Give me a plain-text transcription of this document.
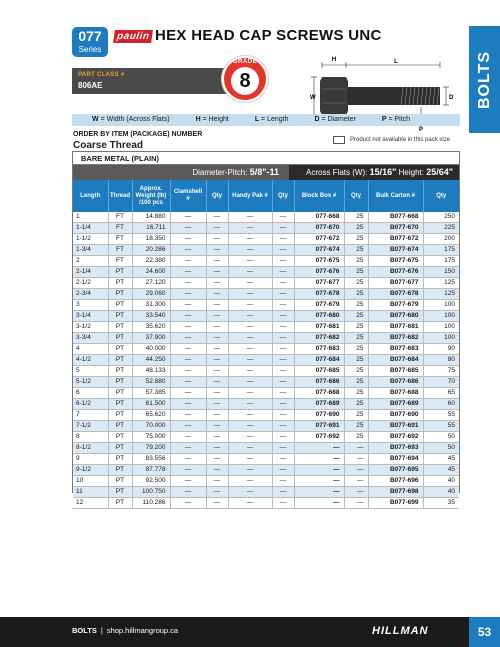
077
Series
paulin HEX HEAD CAP SCREWS UNC
PART CLASS #
806AE
GRADE
8	BOLTS
H	L
W	D
P
W = Width (Across Flats)	H = Height	L = Length	D = Diameter	P = Pitch
ORDER BY ITEM (PACKAGE) NUMBER
Coarse Thread	Product not available in this pack size
BARE METAL (PLAIN)
Diameter-Pitch: 5/8"-11	Across Flats (W): 15/16" Height: 25/64"
Length	Thread	Approx. Weight (lb) /100 pcs	Clamshell #	Qty	Handy Pak #	Qty	Block Box #	Qty	Bulk Carton #	Qty
1	FT	14.880	—	—	—	—	077-668	25	B077-668	250
1-1/4	FT	16.711	—	—	—	—	077-670	25	B077-670	225
1-1/2	FT	18.350	—	—	—	—	077-672	25	B077-672	200
1-3/4	FT	20.286	—	—	—	—	077-674	25	B077-674	175
2	FT	22.380	—	—	—	—	077-675	25	B077-675	175
2-1/4	PT	24.600	—	—	—	—	077-676	25	B077-676	150
2-1/2	PT	27.120	—	—	—	—	077-677	25	B077-677	125
2-3/4	PT	29.060	—	—	—	—	077-678	25	B077-678	125
3	PT	31.300	—	—	—	—	077-679	25	B077-679	100
3-1/4	PT	33.540	—	—	—	—	077-680	25	B077-680	100
3-1/2	PT	35.620	—	—	—	—	077-681	25	B077-681	100
3-3/4	PT	37.900	—	—	—	—	077-682	25	B077-682	100
4	PT	40.000	—	—	—	—	077-683	25	B077-683	90
4-1/2	PT	44.250	—	—	—	—	077-684	25	B077-684	80
5	PT	48.133	—	—	—	—	077-685	25	B077-685	75
5-1/2	PT	52.880	—	—	—	—	077-686	25	B077-686	70
6	PT	57.385	—	—	—	—	077-688	25	B077-688	65
6-1/2	PT	61.500	—	—	—	—	077-689	25	B077-689	60
7	PT	65.620	—	—	—	—	077-690	25	B077-690	55
7-1/2	PT	70.000	—	—	—	—	077-691	25	B077-691	55
8	PT	75.000	—	—	—	—	077-692	25	B077-692	50
8-1/2	PT	79.200	—	—	—	—	—	—	B077-693	50
9	PT	83.556	—	—	—	—	—	—	B077-694	45
9-1/2	PT	87.778	—	—	—	—	—	—	B077-695	45
10	PT	92.500	—	—	—	—	—	—	B077-696	40
11	PT	100.750	—	—	—	—	—	—	B077-698	40
12	PT	110.286	—	—	—	—	—	—	B077-699	35
BOLTS | shop.hillmangroup.ca	HILLMAN	53
